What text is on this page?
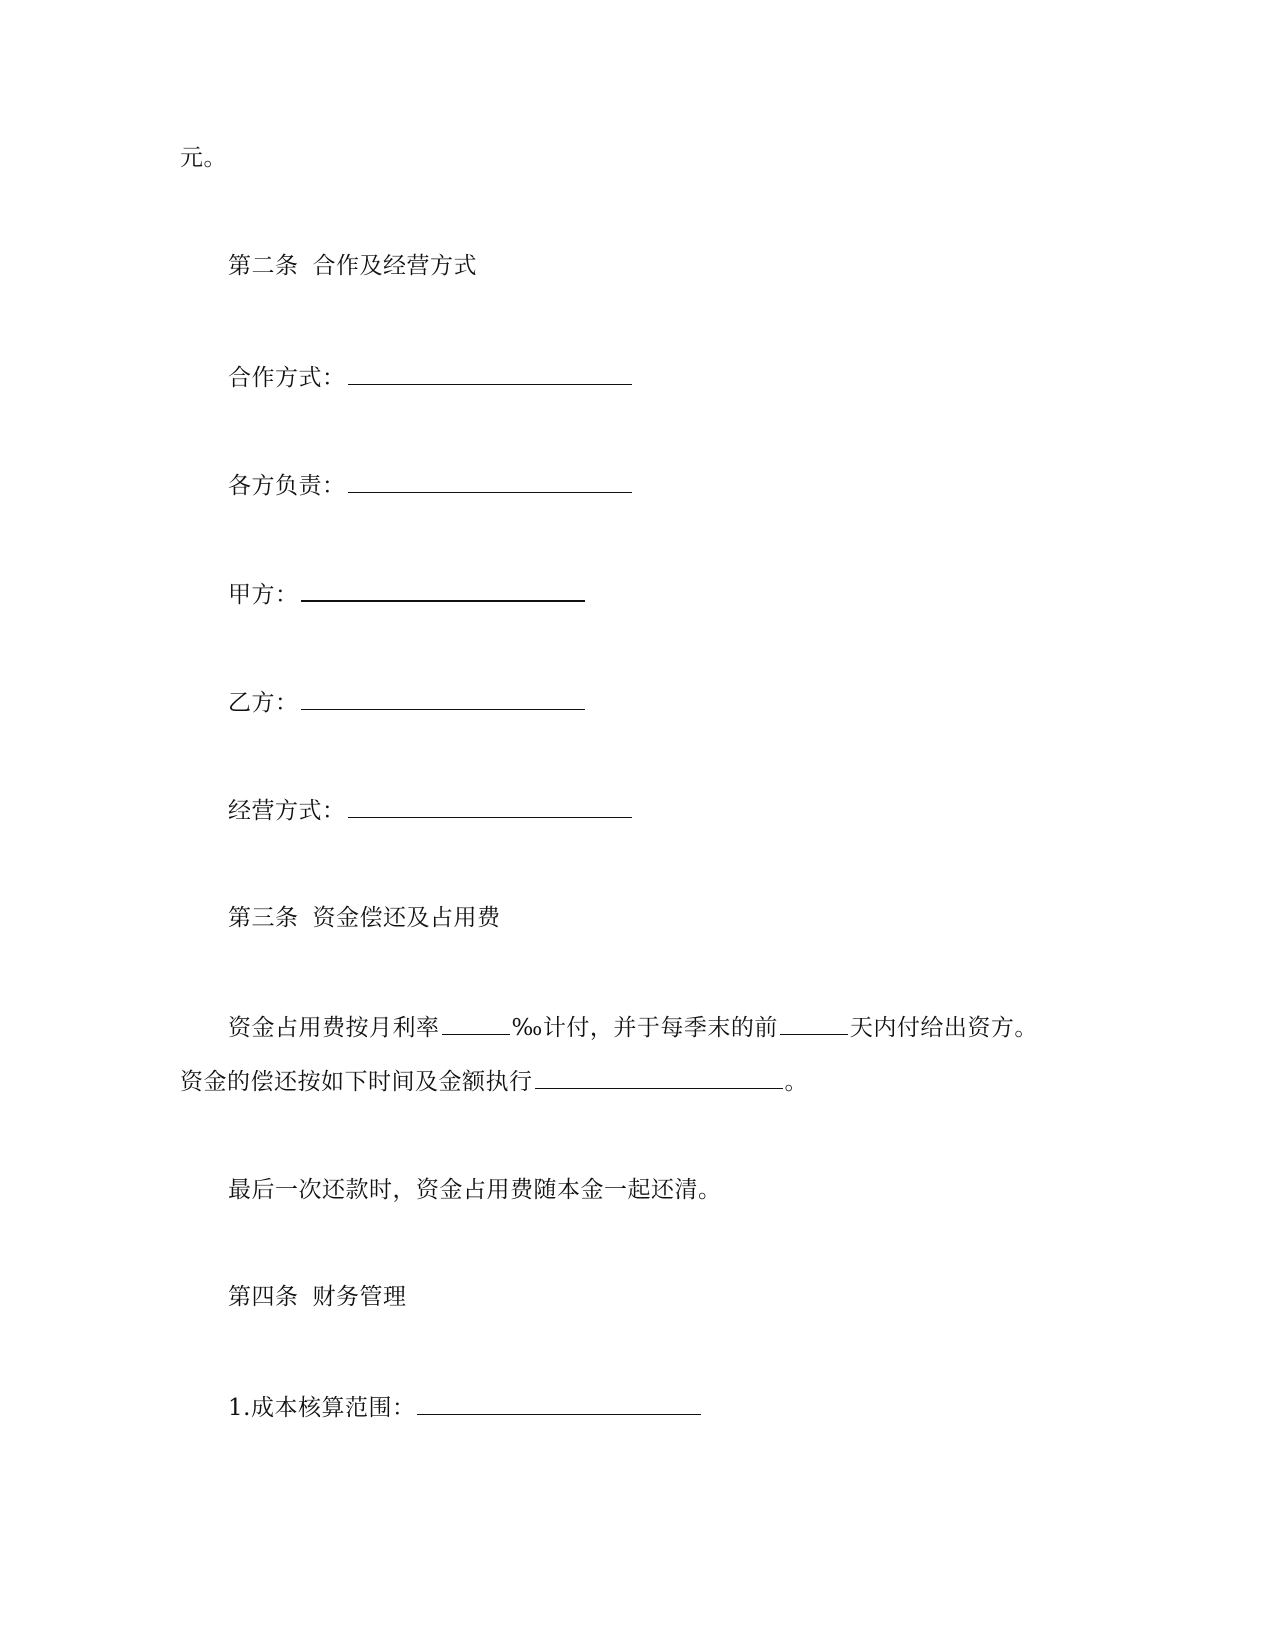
元。
第二条 合作及经营方式
合作方式：
各方负责：
甲方：
乙方：
经营方式：
第三条 资金偿还及占用费
资金占用费按月利率	‰计付，并于每季末的前	天内付给出资方。
资金的偿还按如下时间及金额执行	。
最后一次还款时，资金占用费随本金一起还清。
第四条 财务管理
1.成本核算范围：
